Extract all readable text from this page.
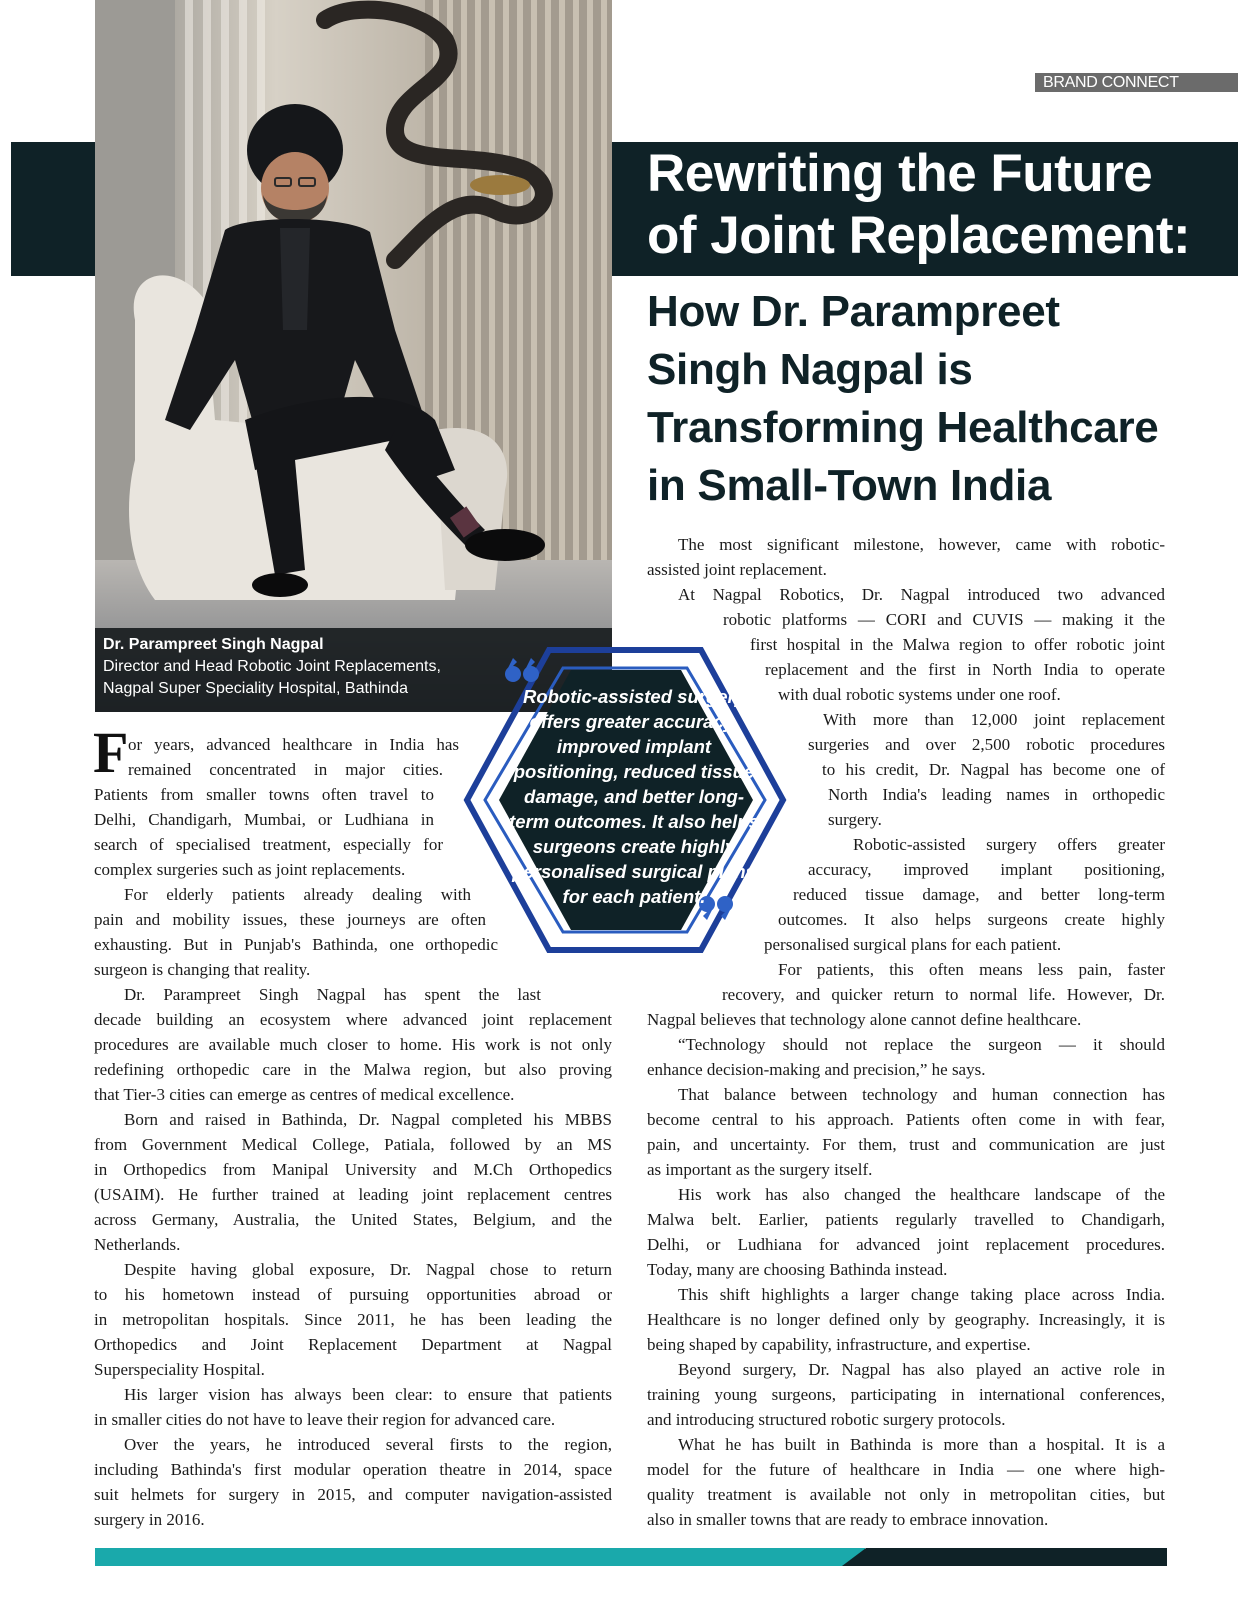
BRAND CONNECT
Dr. Parampreet Singh Nagpal
Director and Head Robotic Joint Replacements,
Nagpal Super Speciality Hospital, Bathinda
Rewriting the Future
of Joint Replacement:
How Dr. Parampreet
Singh Nagpal is
Transforming Healthcare
in Small-Town India
Robotic-assisted surgery offers greater accuracy, improved implant positioning, reduced tissue damage, and better long-term outcomes. It also helps surgeons create highly personalised surgical plans for each patient.
F or years, advanced healthcare in India has
remained concentrated in major cities.
Patients from smaller towns often travel to
Delhi, Chandigarh, Mumbai, or Ludhiana in
search of specialised treatment, especially for
complex surgeries such as joint replacements.
For elderly patients already dealing with
pain and mobility issues, these journeys are often
exhausting. But in Punjab's Bathinda, one orthopedic
surgeon is changing that reality.
Dr. Parampreet Singh Nagpal has spent the last
decade building an ecosystem where advanced joint replacement
procedures are available much closer to home. His work is not only
redefining orthopedic care in the Malwa region, but also proving
that Tier-3 cities can emerge as centres of medical excellence.
Born and raised in Bathinda, Dr. Nagpal completed his MBBS
from Government Medical College, Patiala, followed by an MS
in Orthopedics from Manipal University and M.Ch Orthopedics
(USAIM). He further trained at leading joint replacement centres
across Germany, Australia, the United States, Belgium, and the
Netherlands.
Despite having global exposure, Dr. Nagpal chose to return
to his hometown instead of pursuing opportunities abroad or
in metropolitan hospitals. Since 2011, he has been leading the
Orthopedics and Joint Replacement Department at Nagpal
Superspeciality Hospital.
His larger vision has always been clear: to ensure that patients
in smaller cities do not have to leave their region for advanced care.
Over the years, he introduced several firsts to the region,
including Bathinda's first modular operation theatre in 2014, space
suit helmets for surgery in 2015, and computer navigation-assisted
surgery in 2016.
The most significant milestone, however, came with robotic-
assisted joint replacement.
At Nagpal Robotics, Dr. Nagpal introduced two advanced
robotic platforms — CORI and CUVIS — making it the
first hospital in the Malwa region to offer robotic joint
replacement and the first in North India to operate
with dual robotic systems under one roof.
With more than 12,000 joint replacement
surgeries and over 2,500 robotic procedures
to his credit, Dr. Nagpal has become one of
North India's leading names in orthopedic
surgery.
Robotic-assisted surgery offers greater
accuracy, improved implant positioning,
reduced tissue damage, and better long-term
outcomes. It also helps surgeons create highly
personalised surgical plans for each patient.
For patients, this often means less pain, faster
recovery, and quicker return to normal life. However, Dr.
Nagpal believes that technology alone cannot define healthcare.
“Technology should not replace the surgeon — it should
enhance decision-making and precision,” he says.
That balance between technology and human connection has
become central to his approach. Patients often come in with fear,
pain, and uncertainty. For them, trust and communication are just
as important as the surgery itself.
His work has also changed the healthcare landscape of the
Malwa belt. Earlier, patients regularly travelled to Chandigarh,
Delhi, or Ludhiana for advanced joint replacement procedures.
Today, many are choosing Bathinda instead.
This shift highlights a larger change taking place across India.
Healthcare is no longer defined only by geography. Increasingly, it is
being shaped by capability, infrastructure, and expertise.
Beyond surgery, Dr. Nagpal has also played an active role in
training young surgeons, participating in international conferences,
and introducing structured robotic surgery protocols.
What he has built in Bathinda is more than a hospital. It is a
model for the future of healthcare in India — one where high-
quality treatment is available not only in metropolitan cities, but
also in smaller towns that are ready to embrace innovation.
